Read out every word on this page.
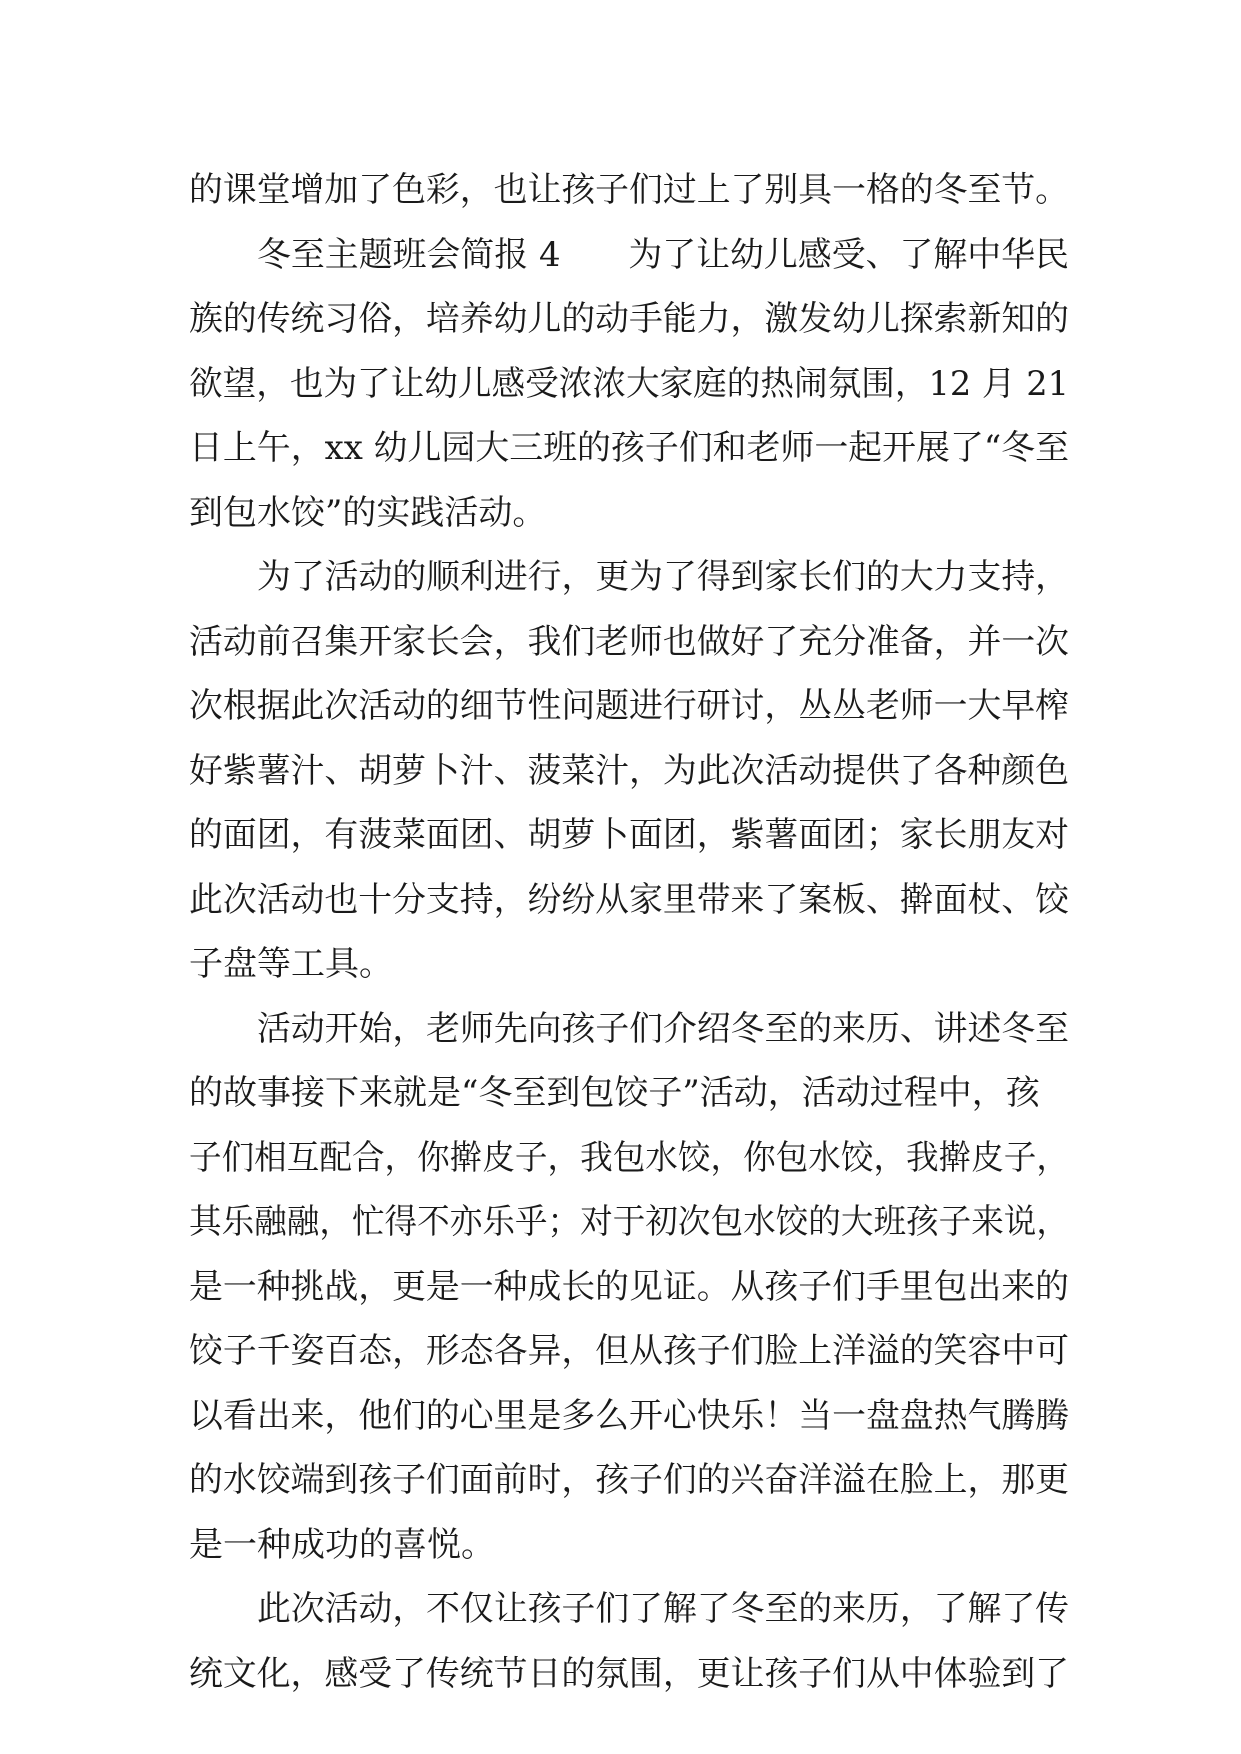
的课堂增加了色彩，也让孩子们过上了别具一格的冬至节。
冬至主题班会简报 4　　为了让幼儿感受、了解中华民
族的传统习俗，培养幼儿的动手能力，激发幼儿探索新知的
欲望，也为了让幼儿感受浓浓大家庭的热闹氛围，12 月 21
日上午，xx 幼儿园大三班的孩子们和老师一起开展了“冬至
到包水饺”的实践活动。
为了活动的顺利进行，更为了得到家长们的大力支持，
活动前召集开家长会，我们老师也做好了充分准备，并一次
次根据此次活动的细节性问题进行研讨，丛丛老师一大早榨
好紫薯汁、胡萝卜汁、菠菜汁，为此次活动提供了各种颜色
的面团，有菠菜面团、胡萝卜面团，紫薯面团；家长朋友对
此次活动也十分支持，纷纷从家里带来了案板、擀面杖、饺
子盘等工具。
活动开始，老师先向孩子们介绍冬至的来历、讲述冬至
的故事接下来就是“冬至到包饺子”活动，活动过程中，孩
子们相互配合，你擀皮子，我包水饺，你包水饺，我擀皮子，
其乐融融，忙得不亦乐乎；对于初次包水饺的大班孩子来说，
是一种挑战，更是一种成长的见证。从孩子们手里包出来的
饺子千姿百态，形态各异，但从孩子们脸上洋溢的笑容中可
以看出来，他们的心里是多么开心快乐！当一盘盘热气腾腾
的水饺端到孩子们面前时，孩子们的兴奋洋溢在脸上，那更
是一种成功的喜悦。
此次活动，不仅让孩子们了解了冬至的来历，了解了传
统文化，感受了传统节日的氛围，更让孩子们从中体验到了
